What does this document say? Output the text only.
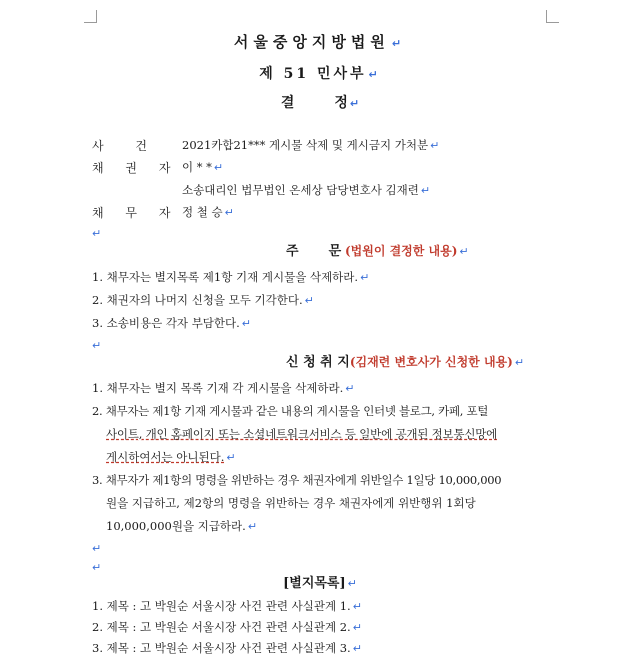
서울중앙지방법원 ↵
제 51 민사부 ↵
결	정 ↵
사 건 2021카합21*** 게시물 삭제 및 게시금지 가처분 ↵
채 권 자 이 * * ↵
소송대리인 법무법인 온세상 담당변호사 김재련 ↵
채 무 자 정 철 승 ↵
↵
주 문 (법원이 결정한 내용) ↵
1. 채무자는 별지목록 제1항 기재 게시물을 삭제하라. ↵
2. 채권자의 나머지 신청을 모두 기각한다. ↵
3. 소송비용은 각자 부담한다. ↵
↵
신 청 취 지(김재련 변호사가 신청한 내용) ↵
1. 채무자는 별지 목록 기재 각 게시물을 삭제하라. ↵
2. 채무자는 제1항 기재 게시물과 같은 내용의 게시물을 인터넷 블로그, 카페, 포털
사이트, 개인 홈페이지 또는 소셜네트워크서비스 등 일반에 공개된 정보통신망에
게시하여서는 아니된다. ↵
3. 채무자가 제1항의 명령을 위반하는 경우 채권자에게 위반일수 1일당 10,000,000
원을 지급하고, 제2항의 명령을 위반하는 경우 채권자에게 위반행위 1회당
10,000,000원을 지급하라. ↵
↵
↵
[별지목록] ↵
1. 제목 : 고 박원순 서울시장 사건 관련 사실관계 1. ↵
2. 제목 : 고 박원순 서울시장 사건 관련 사실관계 2. ↵
3. 제목 : 고 박원순 서울시장 사건 관련 사실관계 3. ↵
